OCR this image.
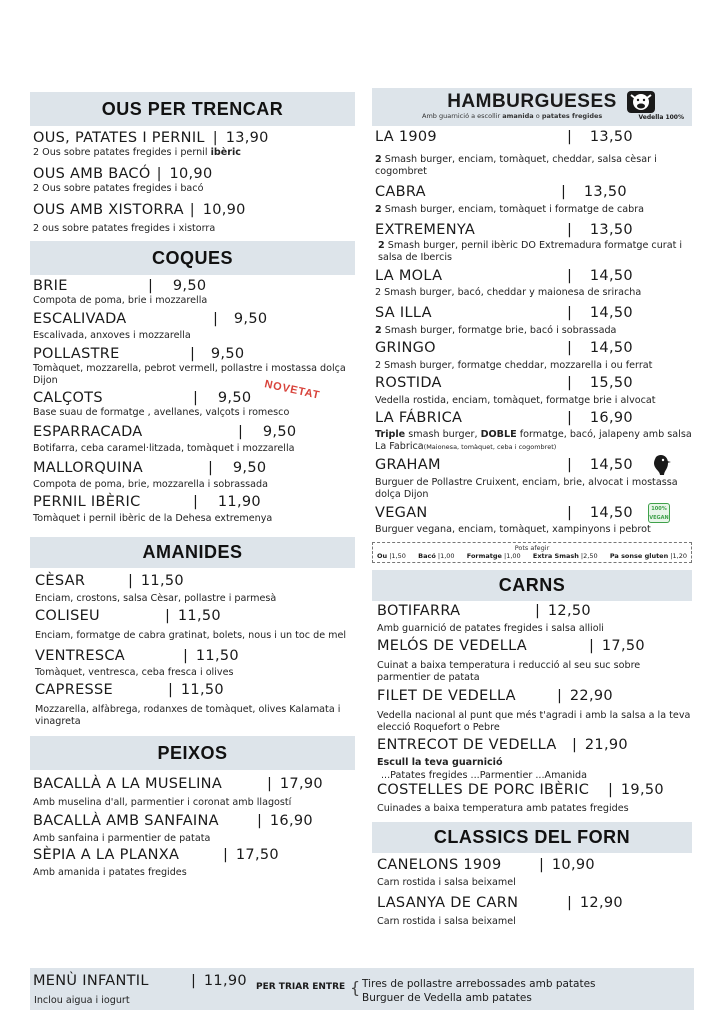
OUS PER TRENCAR
OUS, PATATES I PERNIL | 13,90
2 Ous sobre patates fregides i pernil ibèric
OUS AMB BACÓ | 10,90
2 Ous sobre patates fregides i bacó
OUS AMB XISTORRA | 10,90
2 ous sobre patates fregides i xistorra
COQUES
BRIE	| 9,50
Compota de poma, brie i mozzarella
ESCALIVADA	| 9,50
Escalivada, anxoves i mozzarella
POLLASTRE	| 9,50
Tomàquet, mozzarella, pebrot vermell, pollastre i mostassa dolça Dijon
CALÇOTS	| 9,50 NOVETAT
Base suau de formatge , avellanes, valçots i romesco
ESPARRACADA	| 9,50
Botifarra, ceba caramel·litzada, tomàquet i mozzarella
MALLORQUINA	| 9,50
Compota de poma, brie, mozzarella i sobrassada
PERNIL IBÈRIC	| 11,90
Tomàquet i pernil ibèric de la Dehesa extremenya
AMANIDES
CÈSAR	| 11,50
Enciam, crostons, salsa Cèsar, pollastre i parmesà
COLISEU	| 11,50
Enciam, formatge de cabra gratinat, bolets, nous i un toc de mel
VENTRESCA	| 11,50
Tomàquet, ventresca, ceba fresca i olives
CAPRESSE	| 11,50
Mozzarella, alfàbrega, rodanxes de tomàquet, olives Kalamata i vinagreta
PEIXOS
BACALLÀ A LA MUSELINA	| 17,90
Amb muselina d'all, parmentier i coronat amb llagostí
BACALLÀ AMB SANFAINA	| 16,90
Amb sanfaina i parmentier de patata
SÈPIA A LA PLANXA	| 17,50
Amb amanida i patates fregides
HAMBURGUESES
Amb guarnició a escollir amanida o patates fregides	Vedella 100%
LA 1909	| 13,50
2 Smash burger, enciam, tomàquet, cheddar, salsa cèsar i cogombret
CABRA	| 13,50
2 Smash burger, enciam, tomàquet i formatge de cabra
EXTREMENYA	| 13,50
2 Smash burger, pernil ibèric DO Extremadura formatge curat i salsa de Ibercis
LA MOLA	| 14,50
2 Smash burger, bacó, cheddar y maionesa de sriracha
SA ILLA	| 14,50
2 Smash burger, formatge brie, bacó i sobrassada
GRINGO	| 14,50
2 Smash burger, formatge cheddar, mozzarella i ou ferrat
ROSTIDA	| 15,50
Vedella rostida, enciam, tomàquet, formatge brie i alvocat
LA FÁBRICA	| 16,90
Triple smash burger, DOBLE formatge, bacó, jalapeny amb salsa La Fabrica(Maionesa, tomàquet, ceba i cogombret)
GRAHAM	| 14,50
Burguer de Pollastre Cruixent, enciam, brie, alvocat i mostassa dolça Dijon
VEGAN	| 14,50	100%
VEGAN
Burguer vegana, enciam, tomàquet, xampinyons i pebrot
Pots afegir
Ou |1,50 Bacó |1,00 Formatge |1,00 Extra Smash |2,50 Pa sonse gluten |1,20
CARNS
BOTIFARRA	| 12,50
Amb guarnició de patates fregides i salsa allioli
MELÓS DE VEDELLA	| 17,50
Cuinat a baixa temperatura i reducció al seu suc sobre parmentier de patata
FILET DE VEDELLA	| 22,90
Vedella nacional al punt que més t'agradi i amb la salsa a la teva elecció Roquefort o Pebre
ENTRECOT DE VEDELLA	| 21,90
Escull la teva guarnició
...Patates fregides ...Parmentier ...Amanida
COSTELLES DE PORC IBÈRIC	| 19,50
Cuinades a baixa temperatura amb patates fregides
CLASSICS DEL FORN
CANELONS 1909	| 10,90
Carn rostida i salsa beixamel
LASANYA DE CARN	| 12,90
Carn rostida i salsa beixamel
MENÙ INFANTIL	| 11,90
Inclou aigua i iogurt
PER TRIAR ENTRE { Tires de pollastre arrebossades amb patates
Burguer de Vedella amb patates
